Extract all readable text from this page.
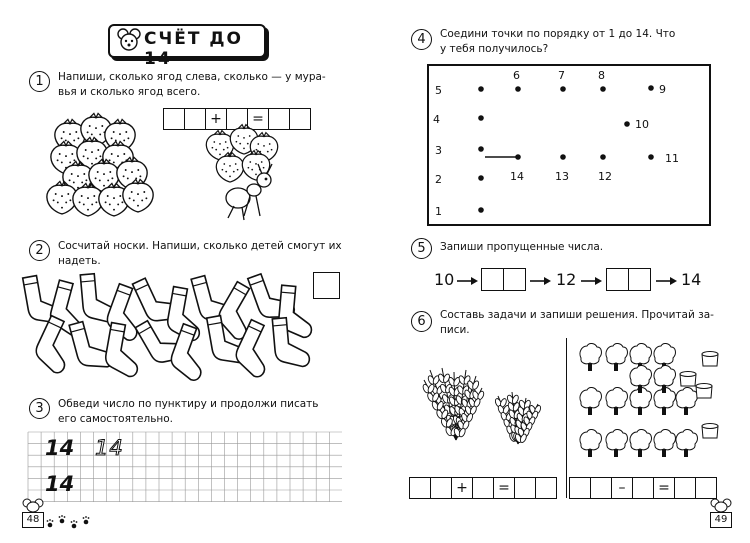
СЧЁТ ДО 14
1	Напиши, сколько ягод слева, сколько — у мура-
вья и сколько ягод всего.
+	=
2	Сосчитай носки. Напиши, сколько детей смогут их
надеть.
3	Обведи число по пунктиру и продолжи писать
его самостоятельно.
14 14
14
48
4	Соедини точки по порядку от 1 до 14. Что
у тебя получилось?
1
2
3
4
5
6	7	8
9
10
11
12
13
14
5	Запиши пропущенные числа.
10	12	14
6	Составь задачи и запиши решения. Прочитай за-
писи.
+	=	–	=
49
